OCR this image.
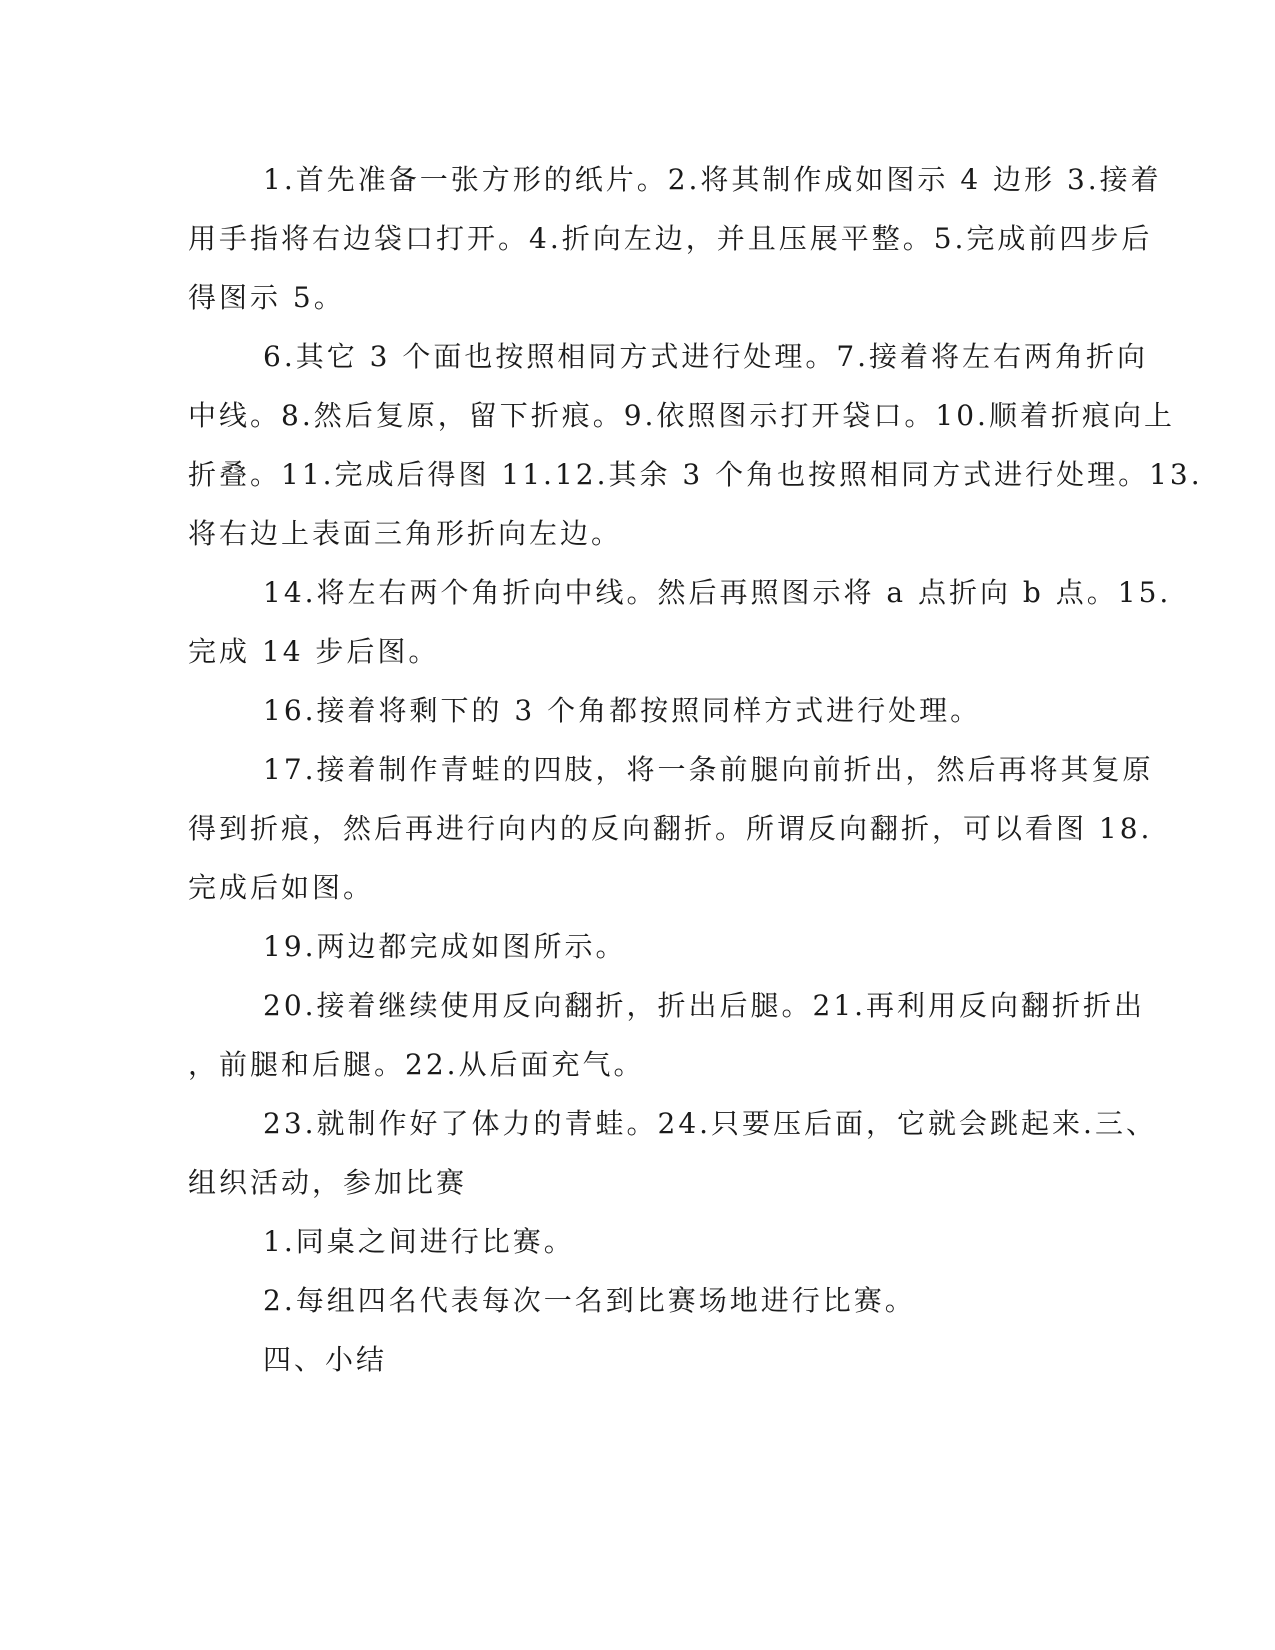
1.首先准备一张方形的纸片。2.将其制作成如图示 4 边形 3.接着
用手指将右边袋口打开。4.折向左边，并且压展平整。5.完成前四步后
得图示 5。
6.其它 3 个面也按照相同方式进行处理。7.接着将左右两角折向
中线。8.然后复原，留下折痕。9.依照图示打开袋口。10.顺着折痕向上
折叠。11.完成后得图 11.12.其余 3 个角也按照相同方式进行处理。13.
将右边上表面三角形折向左边。
14.将左右两个角折向中线。然后再照图示将 a 点折向 b 点。15.
完成 14 步后图。
16.接着将剩下的 3 个角都按照同样方式进行处理。
17.接着制作青蛙的四肢，将一条前腿向前折出，然后再将其复原
得到折痕，然后再进行向内的反向翻折。所谓反向翻折，可以看图 18.
完成后如图。
19.两边都完成如图所示。
20.接着继续使用反向翻折，折出后腿。21.再利用反向翻折折出
，前腿和后腿。22.从后面充气。
23.就制作好了体力的青蛙。24.只要压后面，它就会跳起来.三、
组织活动，参加比赛
1.同桌之间进行比赛。
2.每组四名代表每次一名到比赛场地进行比赛。
四、小结
